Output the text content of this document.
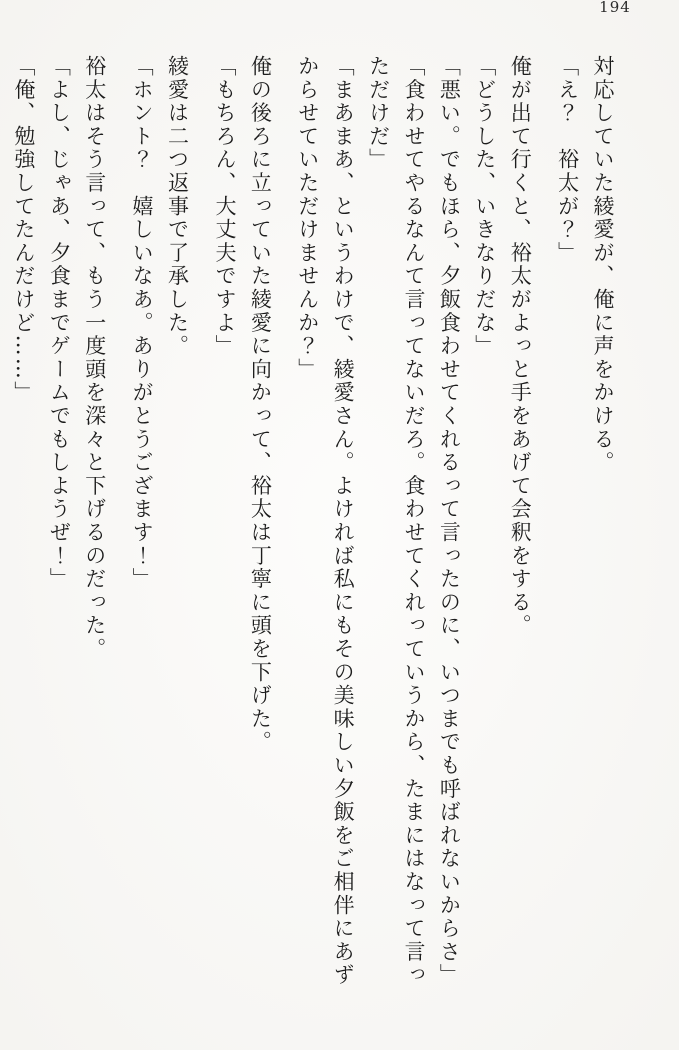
194
対応していた綾愛が、俺に声をかける。
「え？　裕太が？」
俺が出て行くと、裕太がよっと手をあげて会釈をする。
「どうした、いきなりだな」
「悪い。でもほら、夕飯食わせてくれるって言ったのに、いつまでも呼ばれないからさ」
「食わせてやるなんて言ってないだろ。食わせてくれっていうから、たまにはなって言っ
ただけだ」
「まあまあ、というわけで、綾愛さん。よければ私にもその美味しい夕飯をご相伴にあず
からせていただけませんか？」
俺の後ろに立っていた綾愛に向かって、裕太は丁寧に頭を下げた。
「もちろん、大丈夫ですよ」
綾愛は二つ返事で了承した。
「ホント？　嬉しいなあ。ありがとうござます！」
裕太はそう言って、もう一度頭を深々と下げるのだった。
「よし、じゃあ、夕食までゲームでもしようぜ！」
「俺、勉強してたんだけど……」
